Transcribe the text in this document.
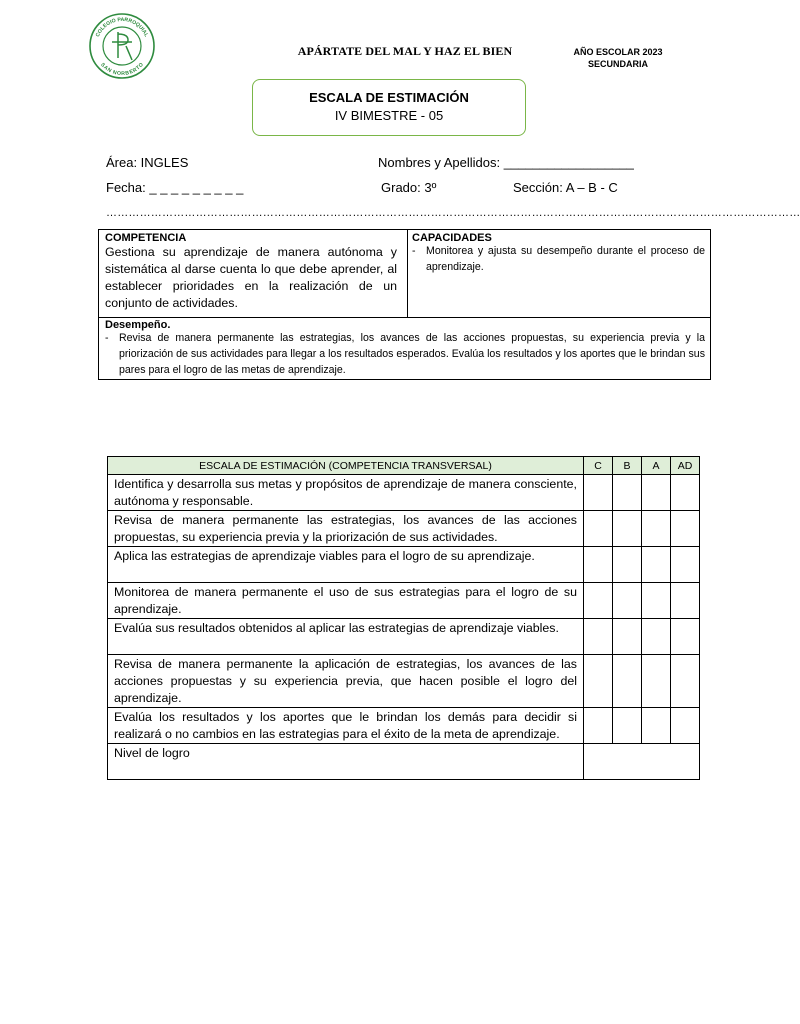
COLEGIO PARROQUIAL
SAN NORBERTO
APÁRTATE DEL MAL Y HAZ EL BIEN	AÑO ESCOLAR 2023
SECUNDARIA
ESCALA DE ESTIMACIÓN
IV BIMESTRE - 05
Área: INGLES	Nombres y Apellidos: __________________
Fecha: _ _ _ _ _ _ _ _ _	Grado: 3º	Sección: A – B - C
……………………………………………………………………………………………………………………………………………………………………
COMPETENCIA
Gestiona su aprendizaje de manera autónoma y sistemática al darse cuenta lo que debe aprender, al establecer prioridades en la realización de un conjunto de actividades.
CAPACIDADES
- Monitorea y ajusta su desempeño durante el proceso de aprendizaje.
Desempeño.
- Revisa de manera permanente las estrategias, los avances de las acciones propuestas, su experiencia previa y la priorización de sus actividades para llegar a los resultados esperados. Evalúa los resultados y los aportes que le brindan sus pares para el logro de las metas de aprendizaje.
ESCALA DE ESTIMACIÓN (COMPETENCIA TRANSVERSAL)	C	B	A	AD
Identifica y desarrolla sus metas y propósitos de aprendizaje de manera consciente, autónoma y responsable.				
Revisa de manera permanente las estrategias, los avances de las acciones propuestas, su experiencia previa y la priorización de sus actividades.				
Aplica las estrategias de aprendizaje viables para el logro de su aprendizaje.				
Monitorea de manera permanente el uso de sus estrategias para el logro de su aprendizaje.				
Evalúa sus resultados obtenidos al aplicar las estrategias de aprendizaje viables.				
Revisa de manera permanente la aplicación de estrategias, los avances de las acciones propuestas y su experiencia previa, que hacen posible el logro del aprendizaje.				
Evalúa los resultados y los aportes que le brindan los demás para decidir si realizará o no cambios en las estrategias para el éxito de la meta de aprendizaje.				
Nivel de logro				
